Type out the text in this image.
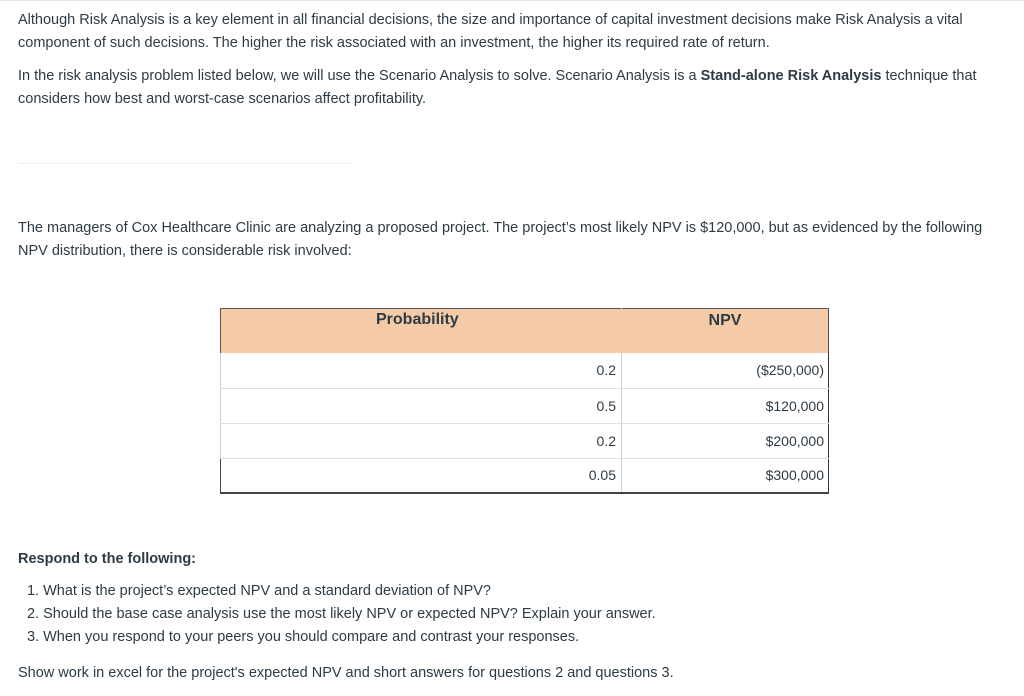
Although Risk Analysis is a key element in all financial decisions, the size and importance of capital investment decisions make Risk Analysis a vital component of such decisions. The higher the risk associated with an investment, the higher its required rate of return.

In the risk analysis problem listed below, we will use the Scenario Analysis to solve. Scenario Analysis is a Stand-alone Risk Analysis technique that considers how best and worst-case scenarios affect profitability.

The managers of Cox Healthcare Clinic are analyzing a proposed project. The project’s most likely NPV is $120,000, but as evidenced by the following NPV distribution, there is considerable risk involved:

Probability	NPV
0.2	($250,000)
0.5	$120,000
0.2	$200,000
0.05	$300,000

Respond to the following:

1. What is the project’s expected NPV and a standard deviation of NPV?
2. Should the base case analysis use the most likely NPV or expected NPV? Explain your answer.
3. When you respond to your peers you should compare and contrast your responses.

Show work in excel for the project's expected NPV and short answers for questions 2 and questions 3.
